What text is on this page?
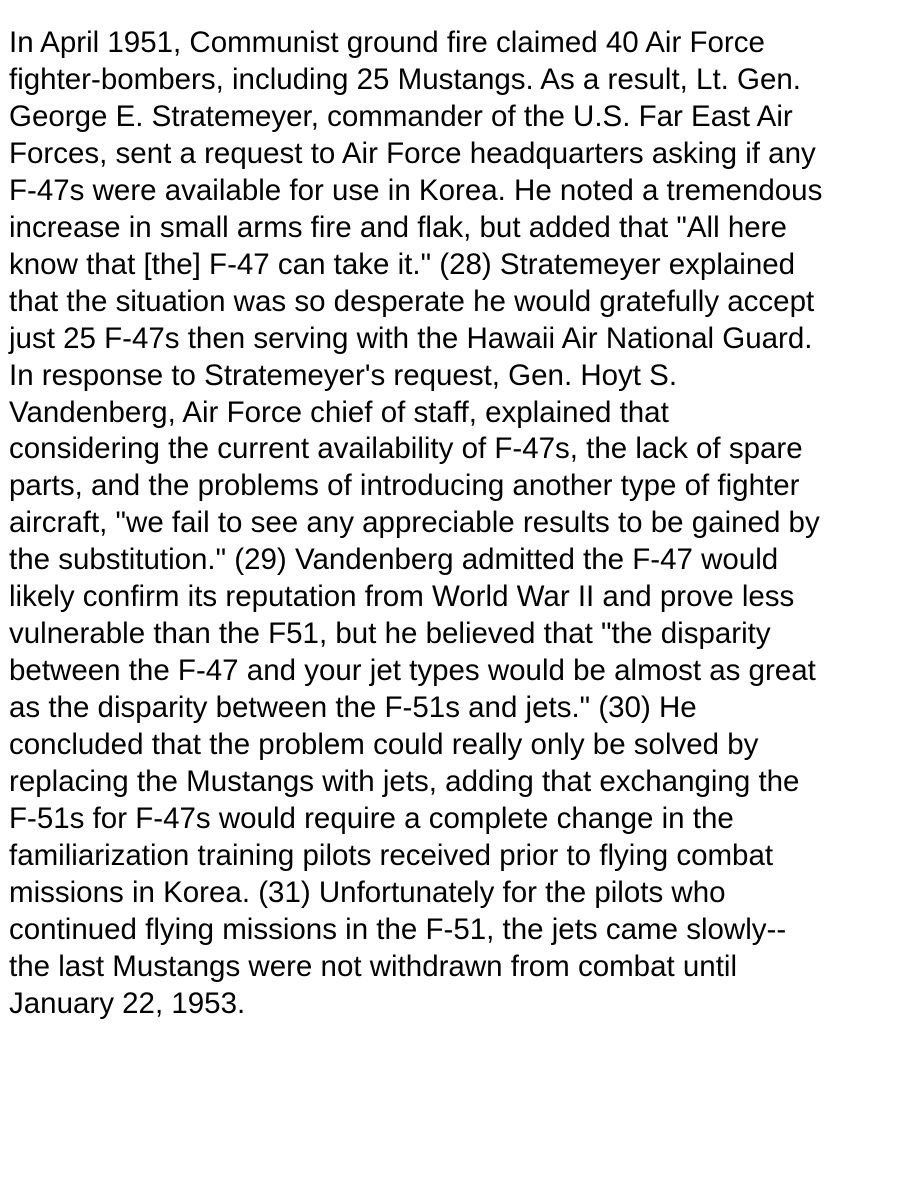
In April 1951, Communist ground fire claimed 40 Air Force
fighter-bombers, including 25 Mustangs. As a result, Lt. Gen.
George E. Stratemeyer, commander of the U.S. Far East Air
Forces, sent a request to Air Force headquarters asking if any
F-47s were available for use in Korea. He noted a tremendous
increase in small arms fire and flak, but added that "All here
know that [the] F-47 can take it." (28) Stratemeyer explained
that the situation was so desperate he would gratefully accept
just 25 F-47s then serving with the Hawaii Air National Guard.
In response to Stratemeyer's request, Gen. Hoyt S.
Vandenberg, Air Force chief of staff, explained that
considering the current availability of F-47s, the lack of spare
parts, and the problems of introducing another type of fighter
aircraft, "we fail to see any appreciable results to be gained by
the substitution." (29) Vandenberg admitted the F-47 would
likely confirm its reputation from World War II and prove less
vulnerable than the F51, but he believed that "the disparity
between the F-47 and your jet types would be almost as great
as the disparity between the F-51s and jets." (30) He
concluded that the problem could really only be solved by
replacing the Mustangs with jets, adding that exchanging the
F-51s for F-47s would require a complete change in the
familiarization training pilots received prior to flying combat
missions in Korea. (31) Unfortunately for the pilots who
continued flying missions in the F-51, the jets came slowly--
the last Mustangs were not withdrawn from combat until
January 22, 1953.
